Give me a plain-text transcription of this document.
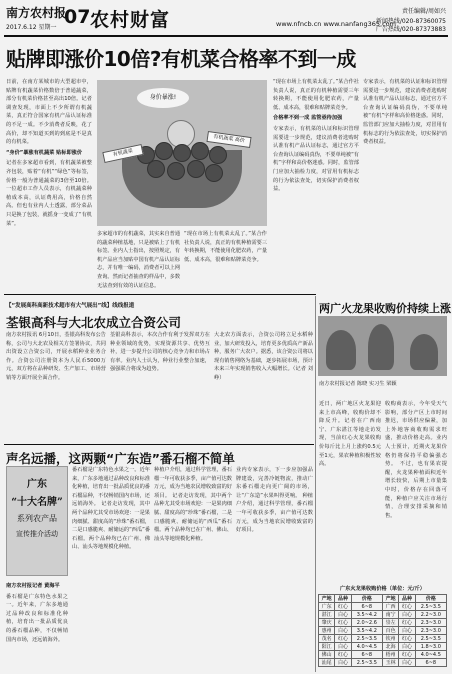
南方农村报
2017.6.12 星期一 07 农村财富	责任编辑/周如兴
www.nfncb.cn www.nanfang365.com
新闻热线/020-87360075
广告热线/020-87373883
贴牌即涨价10倍?有机菜合格率不到一成
日前，在南方某城市的大型超市中，贴牌有机蔬菜价格数倍于普通蔬菜，部分有机菜价格甚至高出10倍。记者调查发现，市面上不少所谓有机蔬菜，真正符合国家有机产品认证标准的不足一成。不少消费者反映，花了高价，却不知道买到的到底是不是真的有机菜。
“身价”暴涨有机蔬菜 贴标即涨价
记者在多家超市看到，有机蔬菜被整齐包装，贴着“有机”“绿色”等标签，价格一般为普通蔬菜的3倍至10倍。一位超市工作人员表示，有机蔬菜种植成本高，认证费用高，价格自然高。但也有业内人士透露，部分菜品只是换了包装，就摇身一变成了“有机菜”。
身价暴涨!
有机蔬菜
有机蔬菜 高价
多家超市的有机蔬菜，其实来自普通的蔬菜种植基地，只是被贴上了有机标签。业内人士指出，按照规定，有机产品应当加贴中国有机产品认证标志，并有唯一编码，消费者可以上网查询。然而记者抽查的样品中，多数无法查到有效的认证信息。
“现在市场上有机菜太乱了。”某合作社负责人说，真正的有机种植需要三年转换期，不能使用化肥农药，产量低、成本高，很难和贴牌菜竞争。
“现在市场上有机菜太乱了。”某合作社负责人说，真正的有机种植需要三年转换期，不能使用化肥农药，产量低、成本高，很难和贴牌菜竞争。
合格率不到一成 监管亟待加强
专家表示，有机菜的认证和标识管理需要进一步规范，建议消费者选购时认准有机产品认证标志，通过官方平台查询认证编码真伪，不要单纯被“有机”字样和高价格迷惑。同时，监管部门应加大抽检力度，对冒用有机标志的行为依法查处，切实保护消费者权益。
专家表示，有机菜的认证和标识管理需要进一步规范，建议消费者选购时认准有机产品认证标志，通过官方平台查询认证编码真伪，不要单纯被“有机”字样和高价格迷惑。同时，监管部门应加大抽检力度，对冒用有机标志的行为依法查处，切实保护消费者权益。
【“发展高科高新技术超市有大气展出”线】线线报道
荃银高科与大北农成立合资公司
南方农村报讯 6月10日，荃银高科发布公告称，公司与大北农及相关方签署协议，共同出资设立合资公司，开展水稻种业业务合作。合资公司注册资本为人民币5000万元，双方将在品种研发、生产加工、市场营销等方面开展全面合作。
荃银高科表示，本次合作有利于发挥双方在种业领域的优势，实现资源共享、优势互补，进一步提升公司的核心竞争力和市场占有率。业内人士认为，种业行业整合加速，强强联合将成为趋势。
大北农方面表示，合资公司将立足水稻种业，加大研发投入，培育更多优质高产新品种，服务广大农户。据悉，该合资公司将以现有销售网络为基础，逐步拓展市场，预计未来三年实现销售收入大幅增长。（记者 刘峥）
声名远播，这两颗“广东造”番石榴不简单
广东
“十大名牌”
系列农产品
宣传推介活动
南方农村报记者 黄海平
番石榴是广东特色水果之一。近年来，广东多地通过品种改良和标准化种植，培育出一批品质优良的番石榴品种，不仅畅销国内市场，还远销海外。
番石榴是广东特色水果之一。近年来，广东多地通过品种改良和标准化种植，培育出一批品质优良的番石榴品种，不仅畅销国内市场，还远销海外。 记者走访发现，其中两个品种尤其受市场欢迎：一是果肉细腻、甜度高的“珍珠”番石榴，二是口感脆爽、耐储运的“西瓜”番石榴。两个品种均已在广州、佛山、汕头等地规模化种植。
种植户介绍，通过科学管理，番石榴一年可收获多季，亩产值可达数万元，成为当地农民增收致富的好项目。 记者走访发现，其中两个品种尤其受市场欢迎：一是果肉细腻、甜度高的“珍珠”番石榴，二是口感脆爽、耐储运的“西瓜”番石榴。两个品种均已在广州、佛山、汕头等地规模化种植。
业内专家表示，下一步应加强品牌建设，完善冷链物流，推动广东番石榴走向更广阔的市场，让“广东造”水果叫得更响。 种植户介绍，通过科学管理，番石榴一年可收获多季，亩产值可达数万元，成为当地农民增收致富的好项目。
两广火龙果收购价持续上涨
南方农村报记者 陈晓 实习生 梁颖
近日，两广地区火龙果迎来上市高峰，收购价却不降反升。记者在广西南宁、广东湛江等地走访发现，当前红心火龙果收购价每斤比上月上涨约0.5元至1元，果农种植积极性较高。
收购商表示，今年受天气影响，部分产区上市时间推迟，市场供应偏紧，加上外地客商收购需求旺盛，推动价格走高。业内人士预计，近期火龙果价格仍将保持平稳偏强态势。 不过，也有果农提醒，火龙果种植面积近年增长较快，后期上市量集中时，价格存在回落可能，种植户应关注市场行情，合理安排采摘和销售。
广东火龙果收购价格（单位：元/斤）
产地	品种	价格	产地	品种	价格
广东	红心	6~8	广西	红心	2.5~3.5
湛江	白心	3.5~4.2	南宁	白心	2.2~3.0
肇庆	红心	2.0~2.6	崇左	红心	2.3~3.0
惠州	白心	3.5~4.2	百色	白心	2.3~3.0
茂名	红心	2.5~3.5	钦州	红心	2.5~3.5
阳江	白心	4.0~4.5	北海	白心	1.8~3.0
佛山	红心	6~8	梧州	红心	4.0~4.5
汕尾	白心	2.5~3.5	玉林	白心	6~8
